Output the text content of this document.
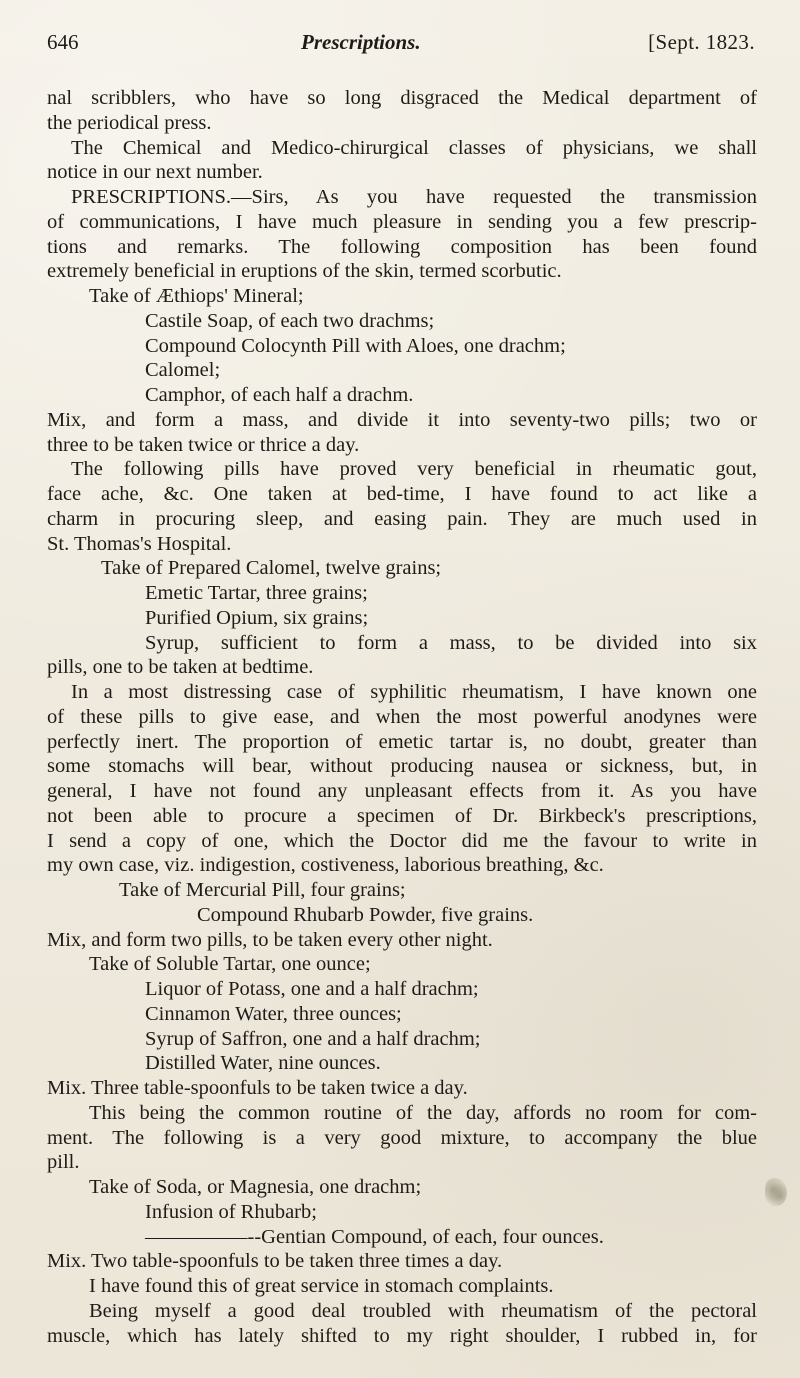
646	Prescriptions.	[Sept. 1823.
nal scribblers, who have so long disgraced the Medical department of
the periodical press.
The Chemical and Medico-chirurgical classes of physicians, we shall
notice in our next number.
PRESCRIPTIONS.—Sirs, As you have requested the transmission
of communications, I have much pleasure in sending you a few prescrip-
tions and remarks. The following composition has been found
extremely beneficial in eruptions of the skin, termed scorbutic.
Take of Æthiops' Mineral;
Castile Soap, of each two drachms;
Compound Colocynth Pill with Aloes, one drachm;
Calomel;
Camphor, of each half a drachm.
Mix, and form a mass, and divide it into seventy-two pills; two or
three to be taken twice or thrice a day.
The following pills have proved very beneficial in rheumatic gout,
face ache, &c. One taken at bed-time, I have found to act like a
charm in procuring sleep, and easing pain. They are much used in
St. Thomas's Hospital.
Take of Prepared Calomel, twelve grains;
Emetic Tartar, three grains;
Purified Opium, six grains;
Syrup, sufficient to form a mass, to be divided into six
pills, one to be taken at bedtime.
In a most distressing case of syphilitic rheumatism, I have known one
of these pills to give ease, and when the most powerful anodynes were
perfectly inert. The proportion of emetic tartar is, no doubt, greater than
some stomachs will bear, without producing nausea or sickness, but, in
general, I have not found any unpleasant effects from it. As you have
not been able to procure a specimen of Dr. Birkbeck's prescriptions,
I send a copy of one, which the Doctor did me the favour to write in
my own case, viz. indigestion, costiveness, laborious breathing, &c.
Take of Mercurial Pill, four grains;
Compound Rhubarb Powder, five grains.
Mix, and form two pills, to be taken every other night.
Take of Soluble Tartar, one ounce;
Liquor of Potass, one and a half drachm;
Cinnamon Water, three ounces;
Syrup of Saffron, one and a half drachm;
Distilled Water, nine ounces.
Mix. Three table-spoonfuls to be taken twice a day.
This being the common routine of the day, affords no room for com-
ment. The following is a very good mixture, to accompany the blue
pill.
Take of Soda, or Magnesia, one drachm;
Infusion of Rhubarb;
—————--Gentian Compound, of each, four ounces.
Mix. Two table-spoonfuls to be taken three times a day.
I have found this of great service in stomach complaints.
Being myself a good deal troubled with rheumatism of the pectoral
muscle, which has lately shifted to my right shoulder, I rubbed in, for
